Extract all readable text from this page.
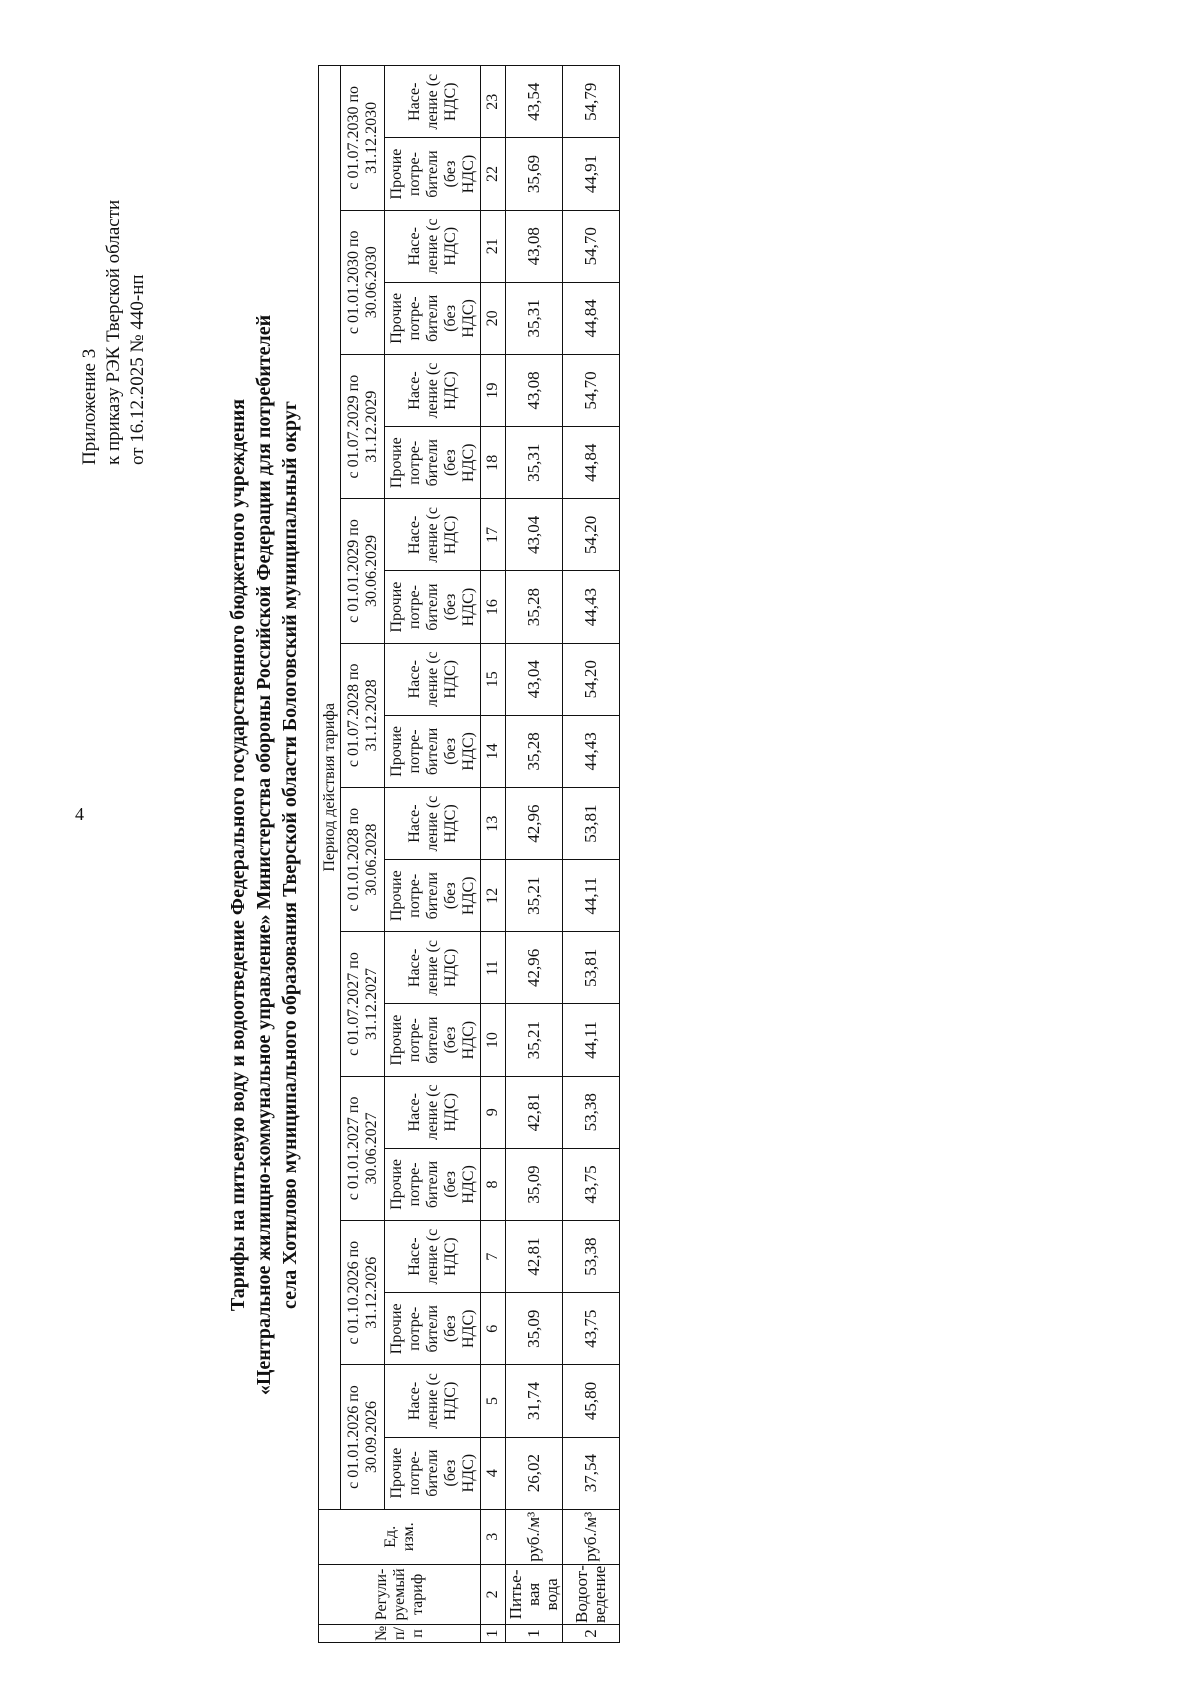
4
Приложение 3 к приказу РЭК Тверской области от 16.12.2025 № 440-нп
Тарифы на питьевую воду и водоотведение Федерального государственного бюджетного учреждения «Центральное жилищно-коммунальное управление» Министерства обороны Российской Федерации для потребителей села Хотилово муниципального образования Тверской области Бологовский муниципальный округ
№ п/п	Регули-руемый тариф	Ед. изм.	Период действия тарифа																			
			с 01.01.2026 по 30.09.2026		с 01.10.2026 по 31.12.2026		с 01.01.2027 по 30.06.2027		с 01.07.2027 по 31.12.2027		с 01.01.2028 по 30.06.2028		с 01.07.2028 по 31.12.2028		с 01.01.2029 по 30.06.2029		с 01.07.2029 по 31.12.2029		с 01.01.2030 по 30.06.2030		с 01.07.2030 по 31.12.2030	
			Прочие потре-бители (без НДС)	Насе-ление (с НДС)	Прочие потре-бители (без НДС)	Насе-ление (с НДС)	Прочие потре-бители (без НДС)	Насе-ление (с НДС)	Прочие потре-бители (без НДС)	Насе-ление (с НДС)	Прочие потре-бители (без НДС)	Насе-ление (с НДС)	Прочие потре-бители (без НДС)	Насе-ление (с НДС)	Прочие потре-бители (без НДС)	Насе-ление (с НДС)	Прочие потре-бители (без НДС)	Насе-ление (с НДС)	Прочие потре-бители (без НДС)	Насе-ление (с НДС)	Прочие потре-бители (без НДС)	Насе-ление (с НДС)
1	2	3	4	5	6	7	8	9	10	11	12	13	14	15	16	17	18	19	20	21	22	23
1	Питье-вая вода	руб./м³	26,02	31,74	35,09	42,81	35,09	42,81	35,21	42,96	35,21	42,96	35,28	43,04	35,28	43,04	35,31	43,08	35,31	43,08	35,69	43,54
2	Водоот-ведение	руб./м³	37,54	45,80	43,75	53,38	43,75	53,38	44,11	53,81	44,11	53,81	44,43	54,20	44,43	54,20	44,84	54,70	44,84	54,70	44,91	54,79
